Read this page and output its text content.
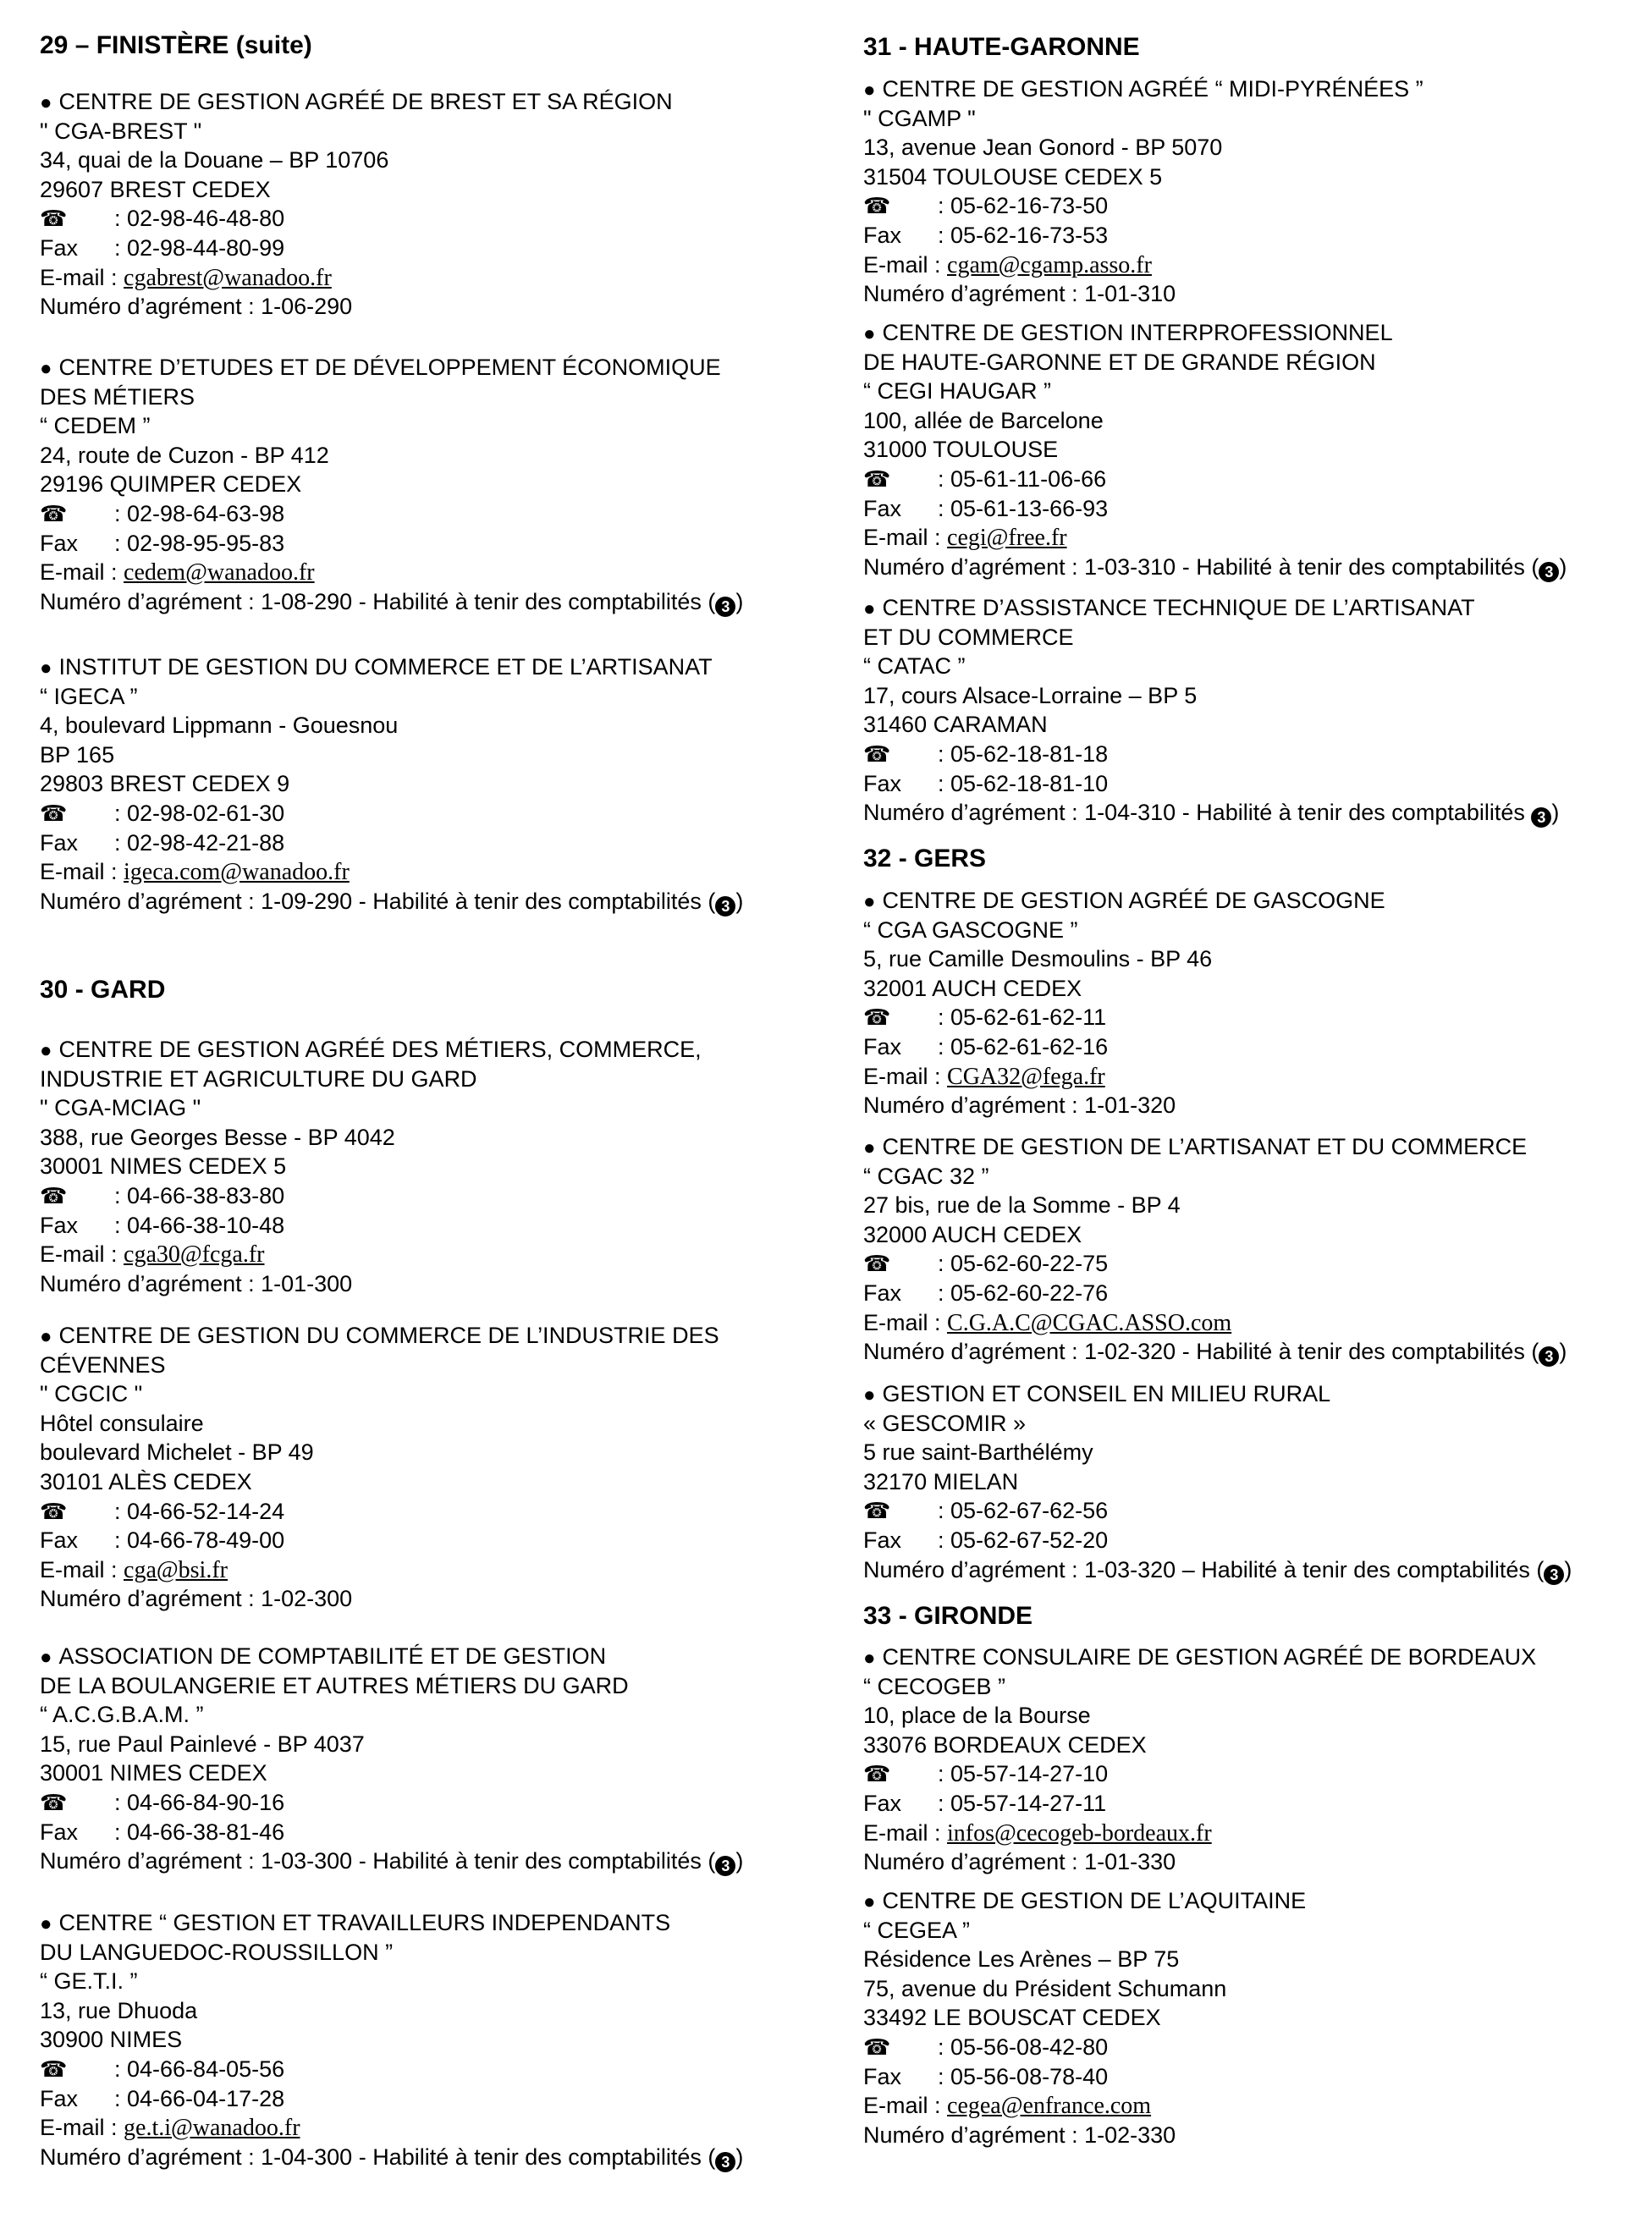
29 – FINISTÈRE (suite)
● CENTRE DE GESTION AGRÉÉ DE BREST ET SA RÉGION
" CGA-BREST "
34, quai de la Douane – BP 10706
29607 BREST CEDEX
☎ : 02-98-46-48-80
Fax : 02-98-44-80-99
E-mail : cgabrest@wanadoo.fr
Numéro d’agrément : 1-06-290
● CENTRE D’ETUDES ET DE DÉVELOPPEMENT ÉCONOMIQUE
DES MÉTIERS
“ CEDEM ”
24, route de Cuzon - BP 412
29196 QUIMPER CEDEX
☎ : 02-98-64-63-98
Fax : 02-98-95-95-83
E-mail : cedem@wanadoo.fr
Numéro d’agrément : 1-08-290 - Habilité à tenir des comptabilités ( 3 )
● INSTITUT DE GESTION DU COMMERCE ET DE L’ARTISANAT
“ IGECA ”
4, boulevard Lippmann - Gouesnou
BP 165
29803 BREST CEDEX 9
☎ : 02-98-02-61-30
Fax : 02-98-42-21-88
E-mail : igeca.com@wanadoo.fr
Numéro d’agrément : 1-09-290 - Habilité à tenir des comptabilités ( 3 )
30 - GARD
● CENTRE DE GESTION AGRÉÉ DES MÉTIERS, COMMERCE,
INDUSTRIE ET AGRICULTURE DU GARD
" CGA-MCIAG "
388, rue Georges Besse - BP 4042
30001 NIMES CEDEX 5
☎ : 04-66-38-83-80
Fax : 04-66-38-10-48
E-mail : cga30@fcga.fr
Numéro d’agrément : 1-01-300
● CENTRE DE GESTION DU COMMERCE DE L’INDUSTRIE DES
CÉVENNES
" CGCIC "
Hôtel consulaire
boulevard Michelet - BP 49
30101 ALÈS CEDEX
☎ : 04-66-52-14-24
Fax : 04-66-78-49-00
E-mail : cga@bsi.fr
Numéro d’agrément : 1-02-300
● ASSOCIATION DE COMPTABILITÉ ET DE GESTION
DE LA BOULANGERIE ET AUTRES MÉTIERS DU GARD
“ A.C.G.B.A.M. ”
15, rue Paul Painlevé - BP 4037
30001 NIMES CEDEX
☎ : 04-66-84-90-16
Fax : 04-66-38-81-46
Numéro d’agrément : 1-03-300 - Habilité à tenir des comptabilités ( 3 )
● CENTRE “ GESTION ET TRAVAILLEURS INDEPENDANTS
DU LANGUEDOC-ROUSSILLON ”
“ GE.T.I. ”
13, rue Dhuoda
30900 NIMES
☎ : 04-66-84-05-56
Fax : 04-66-04-17-28
E-mail : ge.t.i@wanadoo.fr
Numéro d’agrément : 1-04-300 - Habilité à tenir des comptabilités ( 3 )
31 - HAUTE-GARONNE
● CENTRE DE GESTION AGRÉÉ “ MIDI-PYRÉNÉES ”
" CGAMP "
13, avenue Jean Gonord - BP 5070
31504 TOULOUSE CEDEX 5
☎ : 05-62-16-73-50
Fax : 05-62-16-73-53
E-mail : cgam@cgamp.asso.fr
Numéro d’agrément : 1-01-310
● CENTRE DE GESTION INTERPROFESSIONNEL
DE HAUTE-GARONNE ET DE GRANDE RÉGION
“ CEGI HAUGAR ”
100, allée de Barcelone
31000 TOULOUSE
☎ : 05-61-11-06-66
Fax : 05-61-13-66-93
E-mail : cegi@free.fr
Numéro d’agrément : 1-03-310 - Habilité à tenir des comptabilités ( 3 )
● CENTRE D’ASSISTANCE TECHNIQUE DE L’ARTISANAT
ET DU COMMERCE
“ CATAC ”
17, cours Alsace-Lorraine – BP 5
31460 CARAMAN
☎ : 05-62-18-81-18
Fax : 05-62-18-81-10
Numéro d’agrément : 1-04-310 - Habilité à tenir des comptabilités 3 )
32 - GERS
● CENTRE DE GESTION AGRÉÉ DE GASCOGNE
“ CGA GASCOGNE ”
5, rue Camille Desmoulins - BP 46
32001 AUCH CEDEX
☎ : 05-62-61-62-11
Fax : 05-62-61-62-16
E-mail : CGA32@fega.fr
Numéro d’agrément : 1-01-320
● CENTRE DE GESTION DE L’ARTISANAT ET DU COMMERCE
“ CGAC 32 ”
27 bis, rue de la Somme - BP 4
32000 AUCH CEDEX
☎ : 05-62-60-22-75
Fax : 05-62-60-22-76
E-mail : C.G.A.C@CGAC.ASSO.com
Numéro d’agrément : 1-02-320 - Habilité à tenir des comptabilités ( 3 )
● GESTION ET CONSEIL EN MILIEU RURAL
« GESCOMIR »
5 rue saint-Barthélémy
32170 MIELAN
☎ : 05-62-67-62-56
Fax : 05-62-67-52-20
Numéro d’agrément : 1-03-320 – Habilité à tenir des comptabilités ( 3 )
33 - GIRONDE
● CENTRE CONSULAIRE DE GESTION AGRÉÉ DE BORDEAUX
“ CECOGEB ”
10, place de la Bourse
33076 BORDEAUX CEDEX
☎ : 05-57-14-27-10
Fax : 05-57-14-27-11
E-mail : infos@cecogeb-bordeaux.fr
Numéro d’agrément : 1-01-330
● CENTRE DE GESTION DE L’AQUITAINE
“ CEGEA ”
Résidence Les Arènes – BP 75
75, avenue du Président Schumann
33492 LE BOUSCAT CEDEX
☎ : 05-56-08-42-80
Fax : 05-56-08-78-40
E-mail : cegea@enfrance.com
Numéro d’agrément : 1-02-330
